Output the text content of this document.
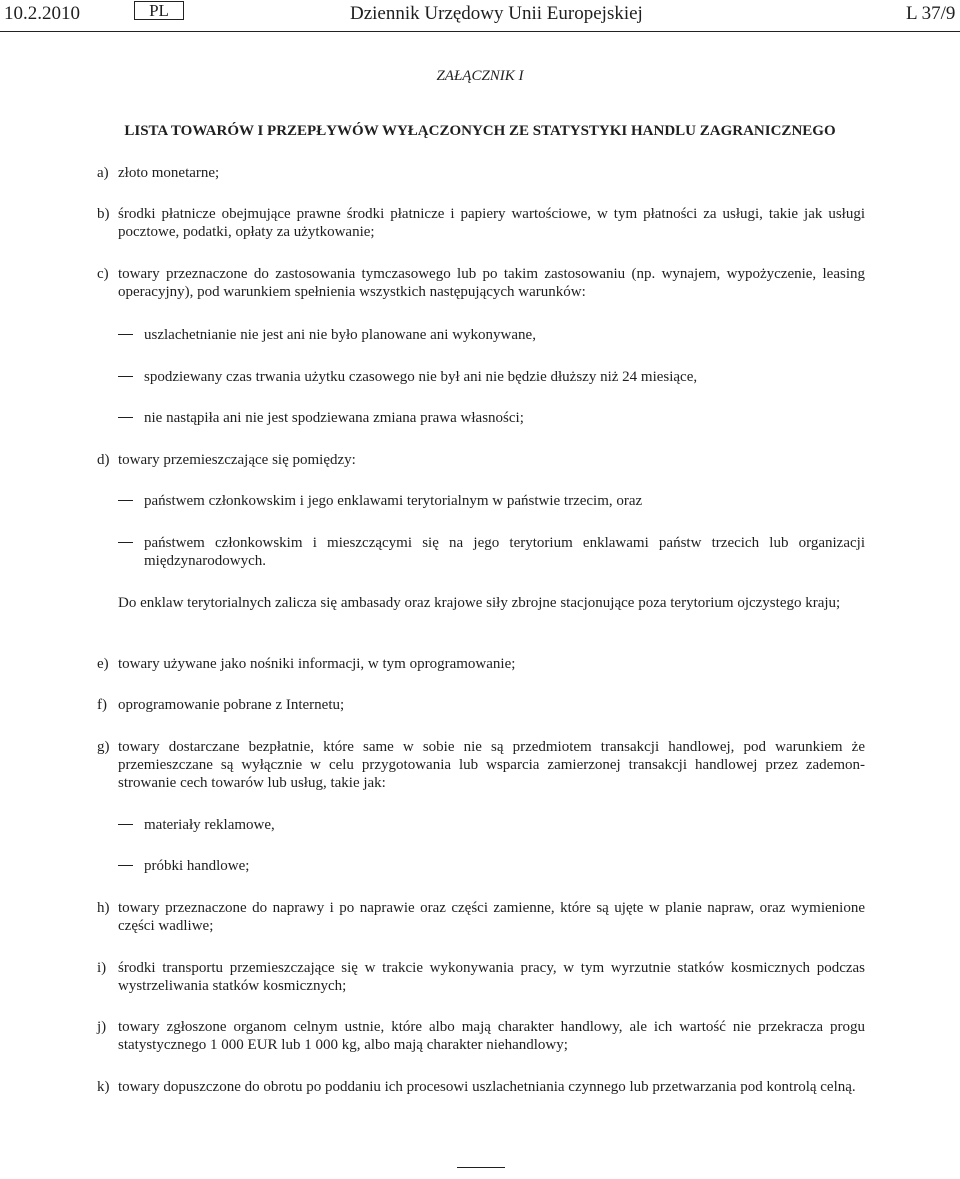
10.2.2010	PL	Dziennik Urzędowy Unii Europejskiej	L 37/9
ZAŁĄCZNIK I
LISTA TOWARÓW I PRZEPŁYWÓW WYŁĄCZONYCH ZE STATYSTYKI HANDLU ZAGRANICZNEGO
a) złoto monetarne;
b) środki płatnicze obejmujące prawne środki płatnicze i papiery wartościowe, w tym płatności za usługi, takie jak usługi pocztowe, podatki, opłaty za użytkowanie;
c) towary przeznaczone do zastosowania tymczasowego lub po takim zastosowaniu (np. wynajem, wypożyczenie, leasing operacyjny), pod warunkiem spełnienia wszystkich następujących warunków:
uszlachetnianie nie jest ani nie było planowane ani wykonywane,
spodziewany czas trwania użytku czasowego nie był ani nie będzie dłuższy niż 24 miesiące,
nie nastąpiła ani nie jest spodziewana zmiana prawa własności;
d) towary przemieszczające się pomiędzy:
państwem członkowskim i jego enklawami terytorialnym w państwie trzecim, oraz
państwem członkowskim i mieszczącymi się na jego terytorium enklawami państw trzecich lub organizacji międzynarodowych.
Do enklaw terytorialnych zalicza się ambasady oraz krajowe siły zbrojne stacjonujące poza terytorium ojczystego kraju;
e) towary używane jako nośniki informacji, w tym oprogramowanie;
f) oprogramowanie pobrane z Internetu;
g) towary dostarczane bezpłatnie, które same w sobie nie są przedmiotem transakcji handlowej, pod warunkiem że przemieszczane są wyłącznie w celu przygotowania lub wsparcia zamierzonej transakcji handlowej przez zademonstrowanie cech towarów lub usług, takie jak:
materiały reklamowe,
próbki handlowe;
h) towary przeznaczone do naprawy i po naprawie oraz części zamienne, które są ujęte w planie napraw, oraz wymienione części wadliwe;
i) środki transportu przemieszczające się w trakcie wykonywania pracy, w tym wyrzutnie statków kosmicznych podczas wystrzeliwania statków kosmicznych;
j) towary zgłoszone organom celnym ustnie, które albo mają charakter handlowy, ale ich wartość nie przekracza progu statystycznego 1 000 EUR lub 1 000 kg, albo mają charakter niehandlowy;
k) towary dopuszczone do obrotu po poddaniu ich procesowi uszlachetniania czynnego lub przetwarzania pod kontrolą celną.
